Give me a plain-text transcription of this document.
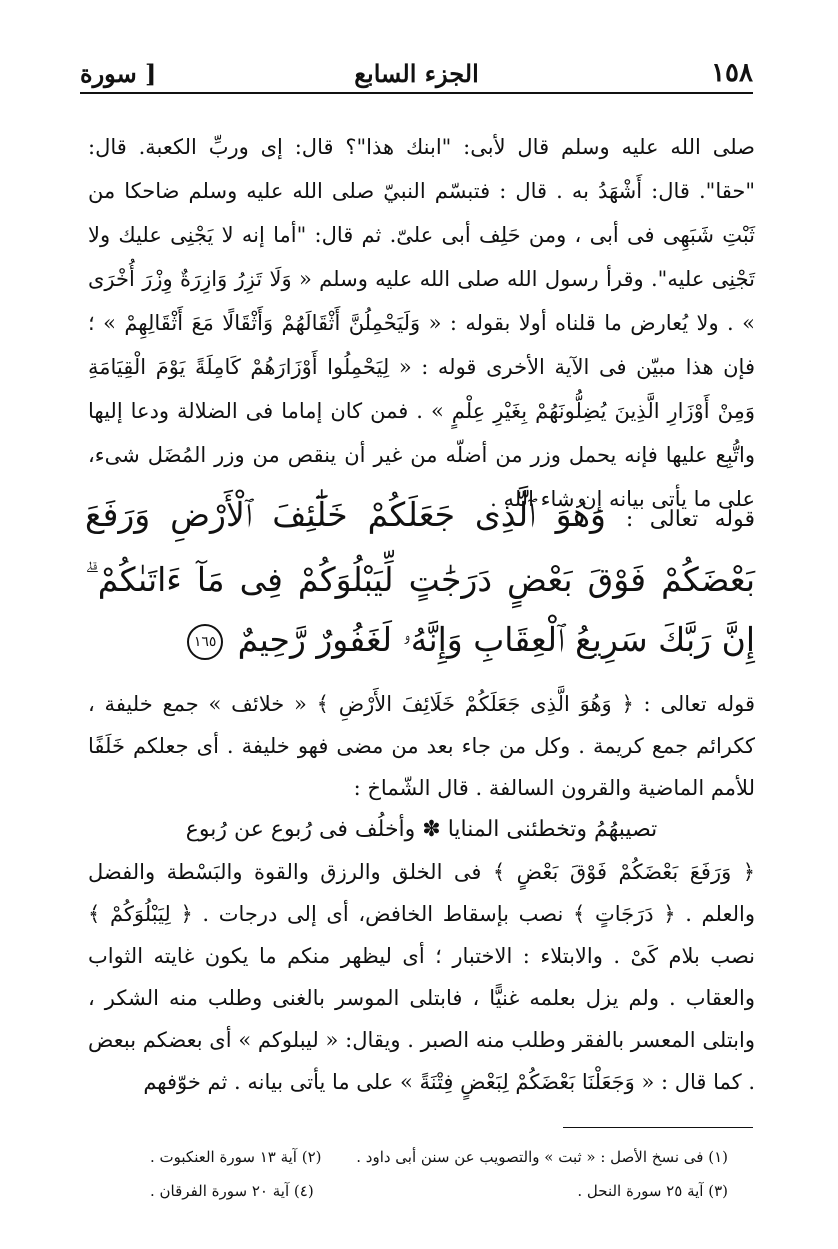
١٥٨
الجزء السابع
[ سورة

صلى الله عليه وسلم قال لأبى: "ابنك هذا"؟ قال: إى وربِّ الكعبة. قال: "حقا". قال: أَشْهَدُ به . قال : فتبسّم النبيّ صلى الله عليه وسلم ضاحكا من ثَبْتِ شَبَهِى فى أبى ، ومن حَلِف أبى علىّ. ثم قال: "أما إنه لا يَجْنِى عليك ولا تَجْنِى عليه". وقرأ رسول الله صلى الله عليه وسلم « وَلَا تَزِرُ وَازِرَةٌ وِزْرَ أُخْرَى » . ولا يُعارض ما قلناه أولا بقوله : « وَلَيَحْمِلُنَّ أَثْقَالَهُمْ وَأَثْقَالًا مَعَ أَثْقَالِهِمْ » ؛ فإن هذا مبيّن فى الآية الأخرى قوله : « لِيَحْمِلُوا أَوْزَارَهُمْ كَامِلَةً يَوْمَ الْقِيَامَةِ وَمِنْ أَوْزَارِ الَّذِينَ يُضِلُّونَهُمْ بِغَيْرِ عِلْمٍ » . فمن كان إماما فى الضلالة ودعا إليها واتُّبِع عليها فإنه يحمل وزر من أضلّه من غير أن ينقص من وزر المُضَل شىء، على ما يأتى بيانه إن شاء الله .

قوله تعالى : وَهُوَ ٱلَّذِى جَعَلَكُمْ خَلَٰٓئِفَ ٱلْأَرْضِ وَرَفَعَ بَعْضَكُمْ فَوْقَ بَعْضٍ دَرَجَٰتٍ لِّيَبْلُوَكُمْ فِى مَآ ءَاتَىٰكُمْ ۗ إِنَّ رَبَّكَ سَرِيعُ ٱلْعِقَابِ وَإِنَّهُۥ لَغَفُورٌ رَّحِيمٌ
١٦٥

قوله تعالى : ﴿ وَهُوَ الَّذِى جَعَلَكُمْ خَلَائِفَ الأَرْضِ ﴾ « خلائف » جمع خليفة ، ككرائم جمع كريمة . وكل من جاء بعد من مضى فهو خليفة . أى جعلكم خَلَفًا للأمم الماضية والقرون السالفة . قال الشّماخ :

تصيبهُمُ وتخطئنى المنايا ✽ وأخلُف فى رُبوع عن رُبوع

﴿ وَرَفَعَ بَعْضَكُمْ فَوْقَ بَعْضٍ ﴾ فى الخلق والرزق والقوة والبَسْطة والفضل والعلم . ﴿ دَرَجَاتٍ ﴾ نصب بإسقاط الخافض، أى إلى درجات . ﴿ لِيَبْلُوَكُمْ ﴾ نصب بلام كَىْ . والابتلاء : الاختبار ؛ أى ليظهر منكم ما يكون غايته الثواب والعقاب . ولم يزل بعلمه غنيًّا ، فابتلى الموسر بالغنى وطلب منه الشكر ، وابتلى المعسر بالفقر وطلب منه الصبر . ويقال: « ليبلوكم » أى بعضكم ببعض . كما قال : « وَجَعَلْنَا بَعْضَكُمْ لِبَعْضٍ فِتْنَةً » على ما يأتى بيانه . ثم خوّفهم

(١) فى نسخ الأصل : « ثبت » والتصويب عن سنن أبى داود .
(٢) آية ١٣ سورة العنكبوت .
(٣) آية ٢٥ سورة النحل .
(٤) آية ٢٠ سورة الفرقان .
